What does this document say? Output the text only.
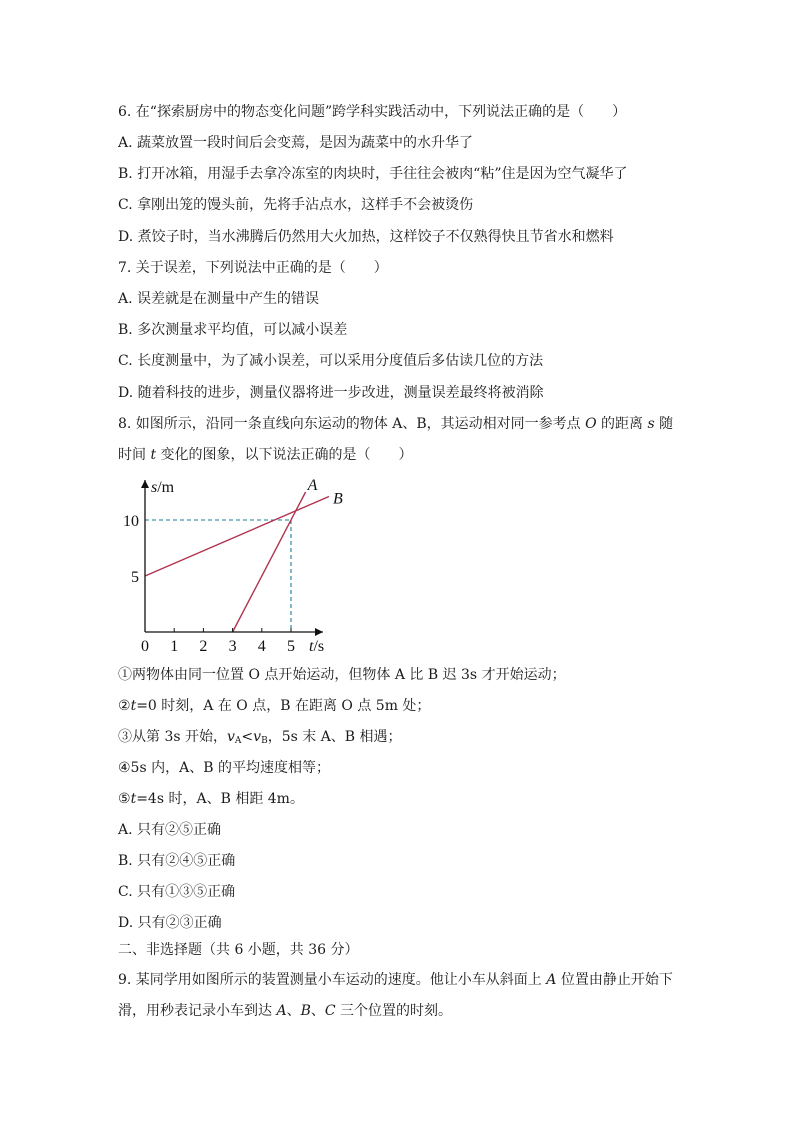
6. 在“探索厨房中的物态变化问题”跨学科实践活动中，下列说法正确的是（　　）
A. 蔬菜放置一段时间后会变蔫，是因为蔬菜中的水升华了
B. 打开冰箱，用湿手去拿冷冻室的肉块时，手往往会被肉“粘”住是因为空气凝华了
C. 拿刚出笼的馒头前，先将手沾点水，这样手不会被烫伤
D. 煮饺子时，当水沸腾后仍然用大火加热，这样饺子不仅熟得快且节省水和燃料
7. 关于误差，下列说法中正确的是（　　）
A. 误差就是在测量中产生的错误
B. 多次测量求平均值，可以减小误差
C. 长度测量中，为了减小误差，可以采用分度值后多估读几位的方法
D. 随着科技的进步，测量仪器将进一步改进，测量误差最终将被消除
8. 如图所示，沿同一条直线向东运动的物体 A、B，其运动相对同一参考点 O 的距离 s 随
时间 t 变化的图象，以下说法正确的是（　　）
A
B
0 1 2 3 4 5
5
10
s/m
t/s
①两物体由同一位置 O 点开始运动，但物体 A 比 B 迟 3s 才开始运动；
②t=0 时刻，A 在 O 点，B 在距离 O 点 5m 处；
③从第 3s 开始，$v_A<v_B$，5s 末 A、B 相遇；
④5s 内，A、B 的平均速度相等；
⑤t=4s 时，A、B 相距 4m。
A. 只有②⑤正确
B. 只有②④⑤正确
C. 只有①③⑤正确
D. 只有②③正确
二、非选择题（共 6 小题，共 36 分）
9. 某同学用如图所示的装置测量小车运动的速度。他让小车从斜面上 A 位置由静止开始下
滑，用秒表记录小车到达 A、B、C 三个位置的时刻。
